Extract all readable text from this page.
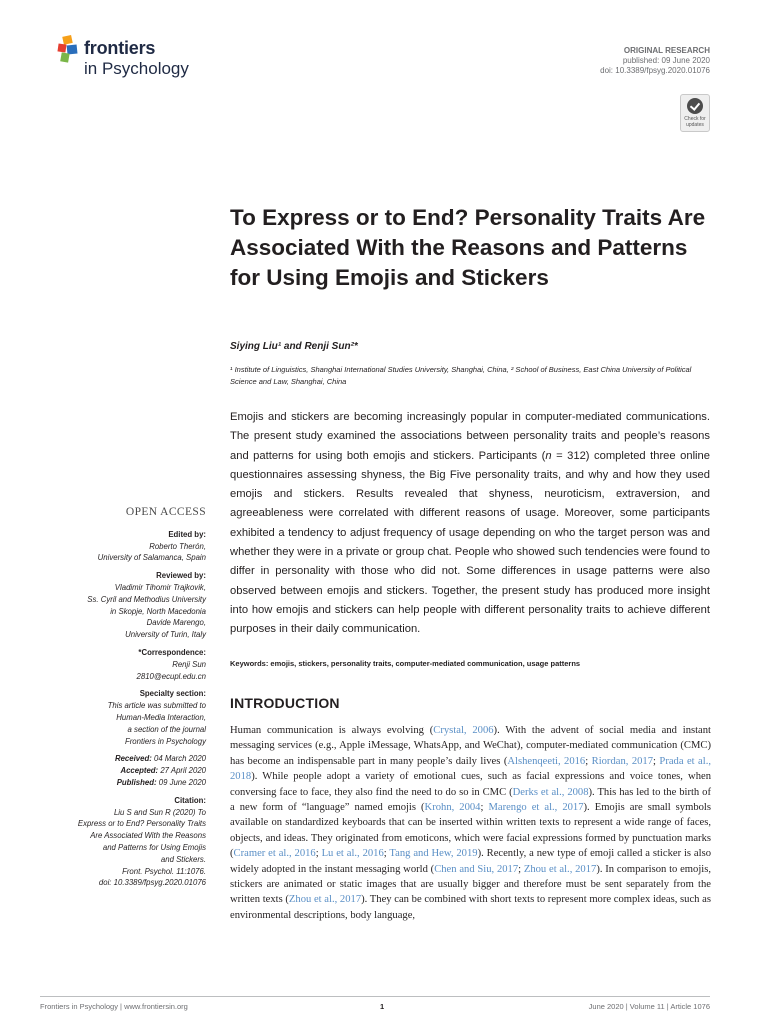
frontiers
in Psychology
ORIGINAL RESEARCH
published: 09 June 2020
doi: 10.3389/fpsyg.2020.01076
Check for updates
To Express or to End? Personality Traits Are Associated With the Reasons and Patterns for Using Emojis and Stickers
Siying Liu¹ and Renji Sun²*
¹ Institute of Linguistics, Shanghai International Studies University, Shanghai, China, ² School of Business, East China University of Political Science and Law, Shanghai, China

Emojis and stickers are becoming increasingly popular in computer-mediated communications. The present study examined the associations between personality traits and people’s reasons and patterns for using both emojis and stickers. Participants (n = 312) completed three online questionnaires assessing shyness, the Big Five personality traits, and why and how they used emojis and stickers. Results revealed that shyness, neuroticism, extraversion, and agreeableness were correlated with different reasons of usage. Moreover, some participants exhibited a tendency to adjust frequency of usage depending on who the target person was and whether they were in a private or group chat. People who showed such tendencies were found to differ in personality with those who did not. Some differences in usage patterns were also observed between emojis and stickers. Together, the present study has produced more insight into how emojis and stickers can help people with different personality traits to achieve different purposes in their daily communication.

Keywords: emojis, stickers, personality traits, computer-mediated communication, usage patterns
OPEN ACCESS
Edited by:
Roberto Therón,
University of Salamanca, Spain
Reviewed by:
Vladimir Tihomir Trajkovik,
Ss. Cyril and Methodius University
in Skopje, North Macedonia
Davide Marengo,
University of Turin, Italy
*Correspondence:
Renji Sun
2810@ecupl.edu.cn
Specialty section:
This article was submitted to
Human-Media Interaction,
a section of the journal
Frontiers in Psychology
Received: 04 March 2020
Accepted: 27 April 2020
Published: 09 June 2020
Citation:
Liu S and Sun R (2020) To
Express or to End? Personality Traits
Are Associated With the Reasons
and Patterns for Using Emojis
and Stickers.
Front. Psychol. 11:1076.
doi: 10.3389/fpsyg.2020.01076
INTRODUCTION

Human communication is always evolving (Crystal, 2006). With the advent of social media and instant messaging services (e.g., Apple iMessage, WhatsApp, and WeChat), computer-mediated communication (CMC) has become an indispensable part in many people’s daily lives (Alshenqeeti, 2016; Riordan, 2017; Prada et al., 2018). While people adopt a variety of emotional cues, such as facial expressions and voice tones, when conversing face to face, they also find the need to do so in CMC (Derks et al., 2008). This has led to the birth of a new form of “language” named emojis (Krohn, 2004; Marengo et al., 2017). Emojis are small symbols available on standardized keyboards that can be inserted within written texts to represent a wide range of faces, objects, and ideas. They originated from emoticons, which were facial expressions formed by punctuation marks (Cramer et al., 2016; Lu et al., 2016; Tang and Hew, 2019). Recently, a new type of emoji called a sticker is also widely adopted in the instant messaging world (Chen and Siu, 2017; Zhou et al., 2017). In comparison to emojis, stickers are animated or static images that are usually bigger and therefore must be sent separately from the written texts (Zhou et al., 2017). They can be combined with short texts to represent more complex ideas, such as environmental descriptions, body language,

Frontiers in Psychology | www.frontiersin.org	1	June 2020 | Volume 11 | Article 1076
